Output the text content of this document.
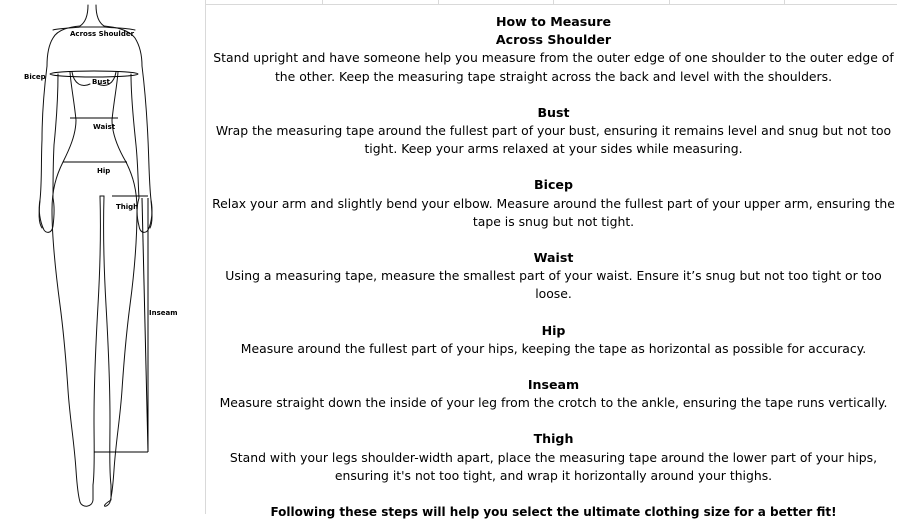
Across Shoulder
Bicep
Bust
Waist
Hip
Thigh
Inseam
How to Measure
Across Shoulder
Stand upright and have someone help you measure from the outer edge of one shoulder to the outer edge of the other. Keep the measuring tape straight across the back and level with the shoulders.
Bust
Wrap the measuring tape around the fullest part of your bust, ensuring it remains level and snug but not too tight. Keep your arms relaxed at your sides while measuring.
Bicep
Relax your arm and slightly bend your elbow. Measure around the fullest part of your upper arm, ensuring the tape is snug but not tight.
Waist
Using a measuring tape, measure the smallest part of your waist. Ensure it’s snug but not too tight or too loose.
Hip
Measure around the fullest part of your hips, keeping the tape as horizontal as possible for accuracy.
Inseam
Measure straight down the inside of your leg from the crotch to the ankle, ensuring the tape runs vertically.
Thigh
Stand with your legs shoulder-width apart, place the measuring tape around the lower part of your hips, ensuring it's not too tight, and wrap it horizontally around your thighs.
Following these steps will help you select the ultimate clothing size for a better fit!
